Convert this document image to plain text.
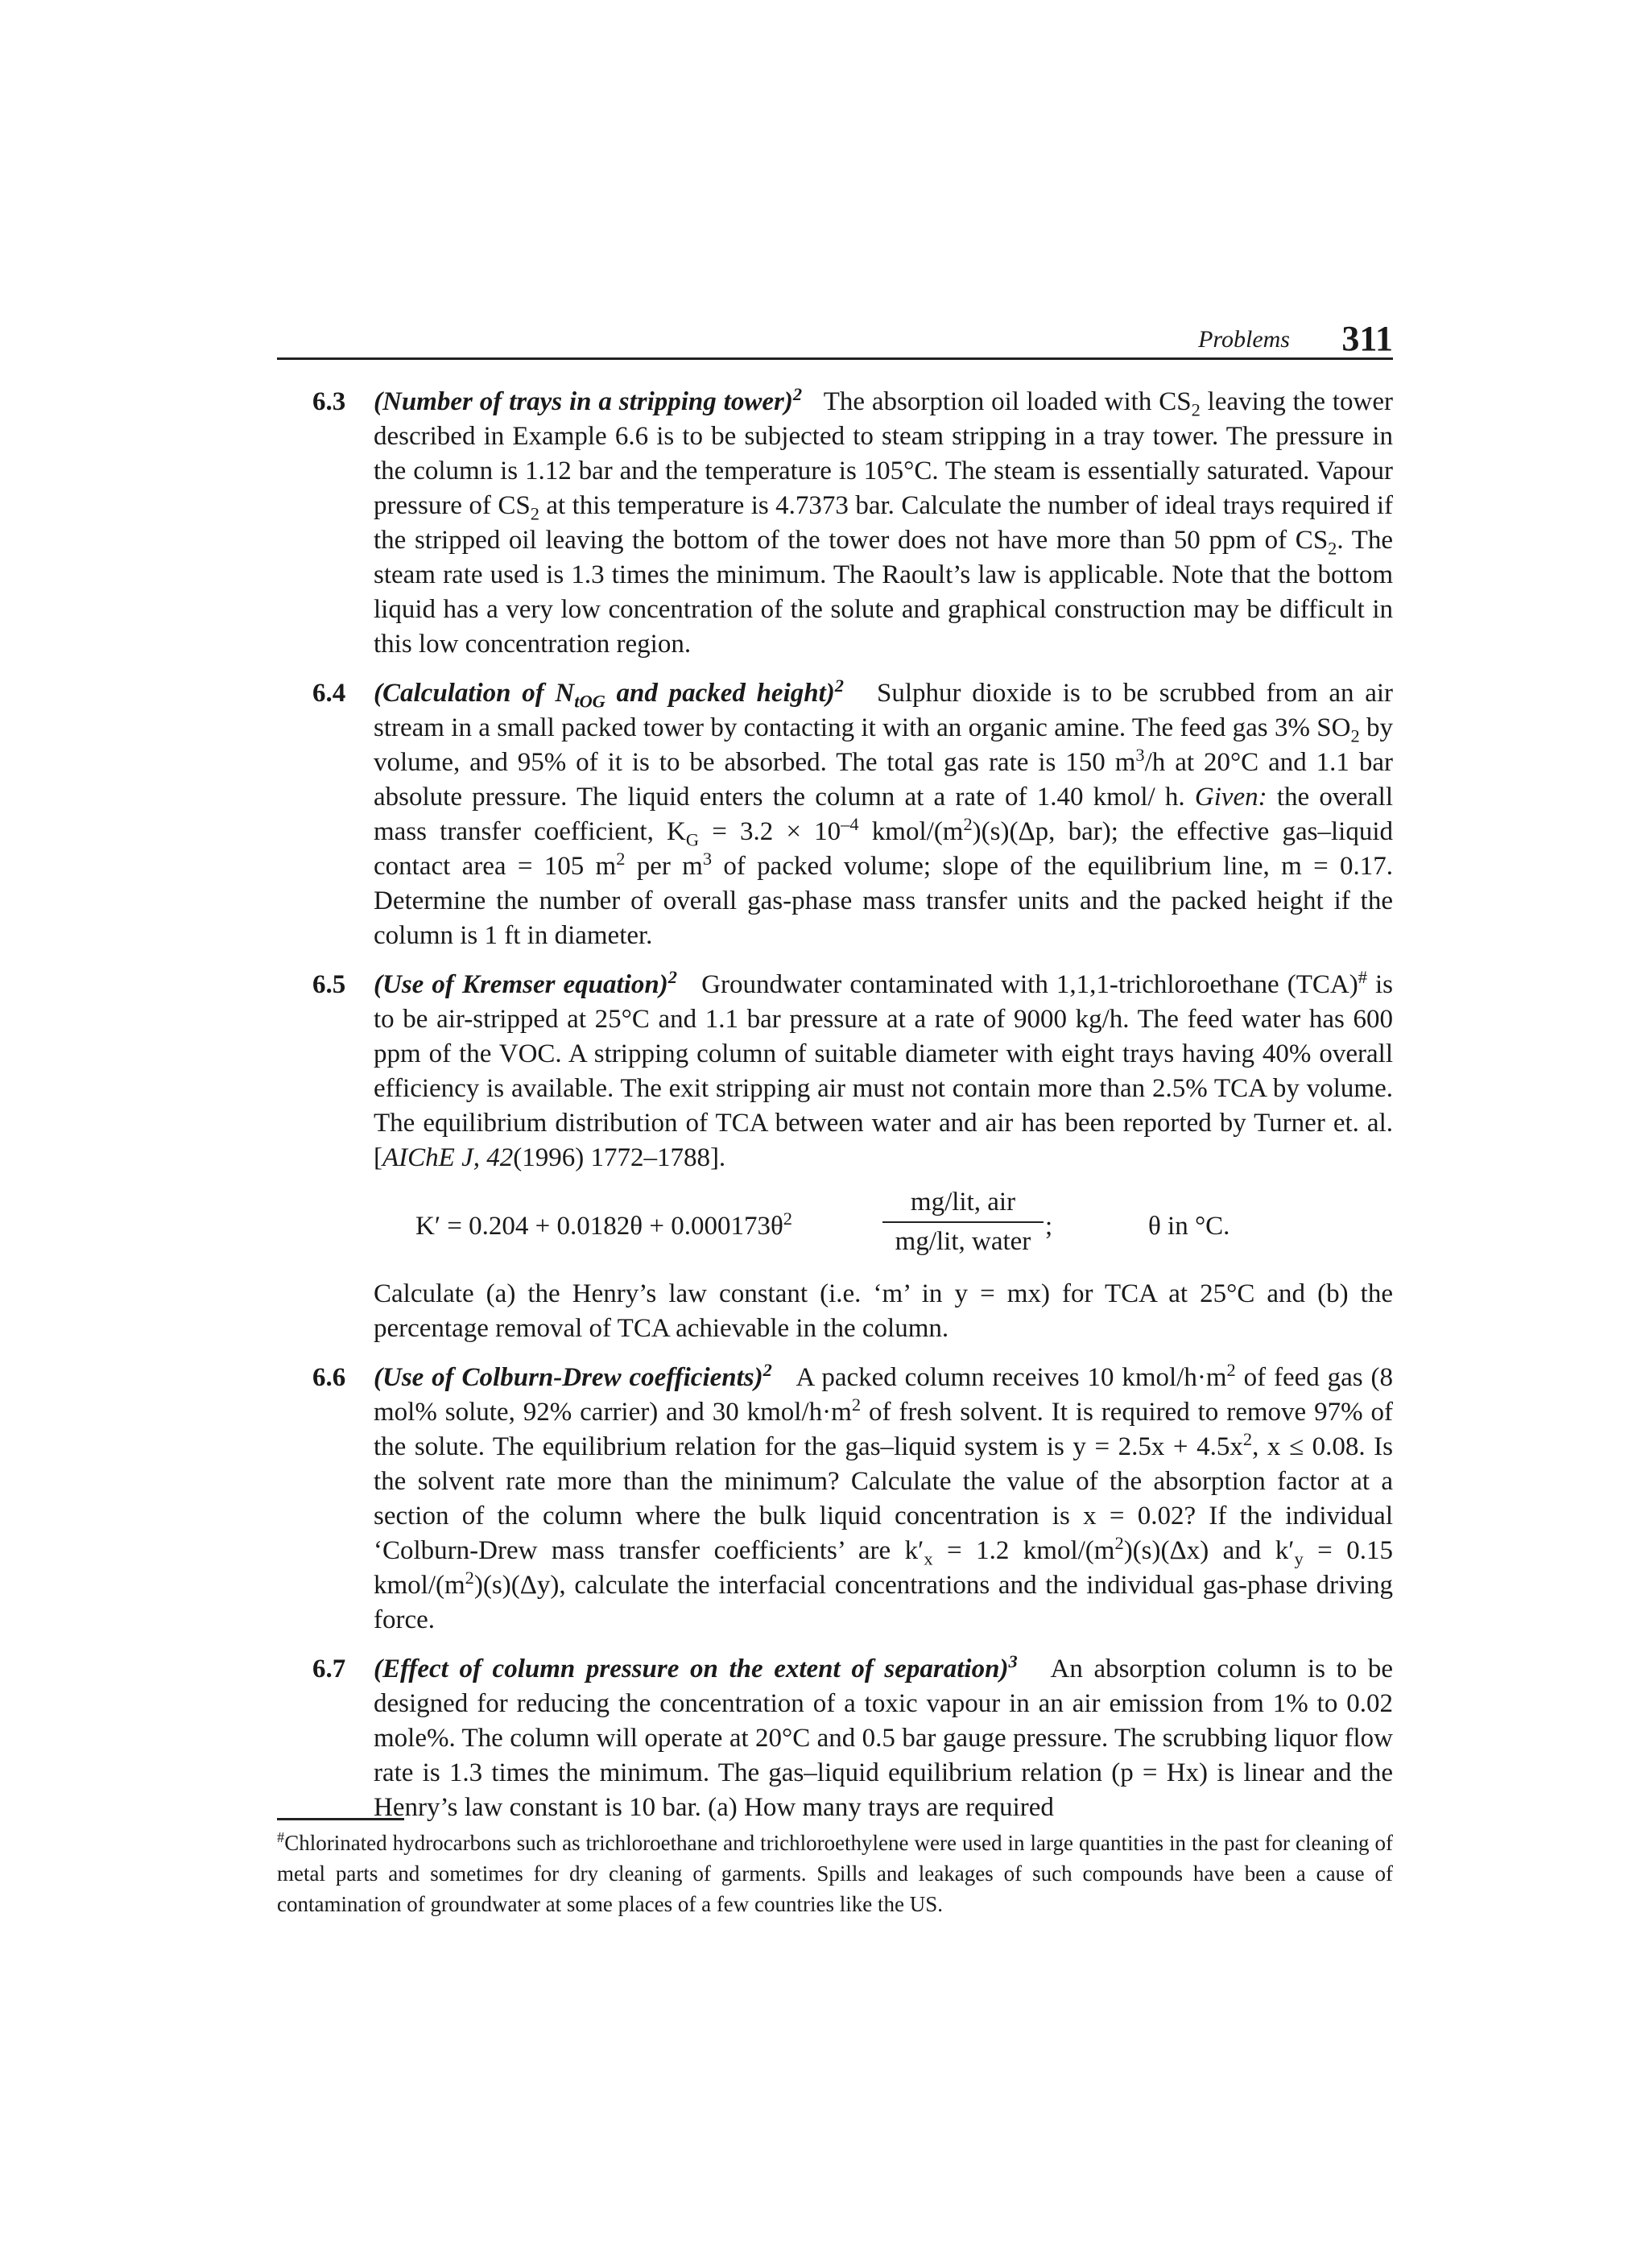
Problems 311
6.3 (Number of trays in a stripping tower)$^2$ The absorption oil loaded with $CS_2$ leaving the tower described in Example 6.6 is to be subjected to steam stripping in a tray tower. The pressure in the column is 1.12 bar and the temperature is 105°C. The steam is essentially saturated. Vapour pressure of $CS_2$ at this temperature is 4.7373 bar. Calculate the number of ideal trays required if the stripped oil leaving the bottom of the tower does not have more than 50 ppm of $CS_2$. The steam rate used is 1.3 times the minimum. The Raoult’s law is applicable. Note that the bottom liquid has a very low concentration of the solute and graphical construction may be difficult in this low concentration region.
6.4 (Calculation of $N_{tOG}$ and packed height)$^2$ Sulphur dioxide is to be scrubbed from an air stream in a small packed tower by contacting it with an organic amine. The feed gas 3% $SO_2$ by volume, and 95% of it is to be absorbed. The total gas rate is 150 $m^3/h$ at 20°C and 1.1 bar absolute pressure. The liquid enters the column at a rate of 1.40 kmol/ h. Given: the overall mass transfer coefficient, $K_G = 3.2 \times 10^{-4}$ kmol/$(m^2)(s)(\Delta p$, bar); the effective gas–liquid contact area = 105 $m^2$ per $m^3$ of packed volume; slope of the equilibrium line, m = 0.17. Determine the number of overall gas-phase mass transfer units and the packed height if the column is 1 ft in diameter.
6.5 (Use of Kremser equation)$^2$ Groundwater contaminated with 1,1,1-trichloroethane (TCA)# is to be air-stripped at 25°C and 1.1 bar pressure at a rate of 9000 kg/h. The feed water has 600 ppm of the VOC. A stripping column of suitable diameter with eight trays having 40% overall efficiency is available. The exit stripping air must not contain more than 2.5% TCA by volume. The equilibrium distribution of TCA between water and air has been reported by Turner et. al. [AIChE J, 42(1996) 1772–1788].
$K' = 0.204 + 0.0182\theta + 0.000173\theta^2$
mg/lit, air
mg/lit, water
;	θ in °C.
Calculate (a) the Henry’s law constant (i.e. ‘m’ in y = mx) for TCA at 25°C and (b) the percentage removal of TCA achievable in the column.
6.6 (Use of Colburn-Drew coefficients)$^2$ A packed column receives 10 kmol/$h\cdot m^2$ of feed gas (8 mol% solute, 92% carrier) and 30 kmol/$h\cdot m^2$ of fresh solvent. It is required to remove 97% of the solute. The equilibrium relation for the gas–liquid system is $y = 2.5x + 4.5x^2$, x ≤ 0.08. Is the solvent rate more than the minimum? Calculate the value of the absorption factor at a section of the column where the bulk liquid concentration is x = 0.02? If the individual ‘Colburn-Drew mass transfer coefficients’ are $k'_x = 1.2$ kmol/$(m^2)(s)(\Delta x)$ and $k'_y = 0.15$ kmol/$(m^2)(s)(\Delta y)$, calculate the interfacial concentrations and the individual gas-phase driving force.
6.7 (Effect of column pressure on the extent of separation)$^3$ An absorption column is to be designed for reducing the concentration of a toxic vapour in an air emission from 1% to 0.02 mole%. The column will operate at 20°C and 0.5 bar gauge pressure. The scrubbing liquor flow rate is 1.3 times the minimum. The gas–liquid equilibrium relation (p = Hx) is linear and the Henry’s law constant is 10 bar. (a) How many trays are required
#Chlorinated hydrocarbons such as trichloroethane and trichloroethylene were used in large quantities in the past for cleaning of metal parts and sometimes for dry cleaning of garments. Spills and leakages of such compounds have been a cause of contamination of groundwater at some places of a few countries like the US.
